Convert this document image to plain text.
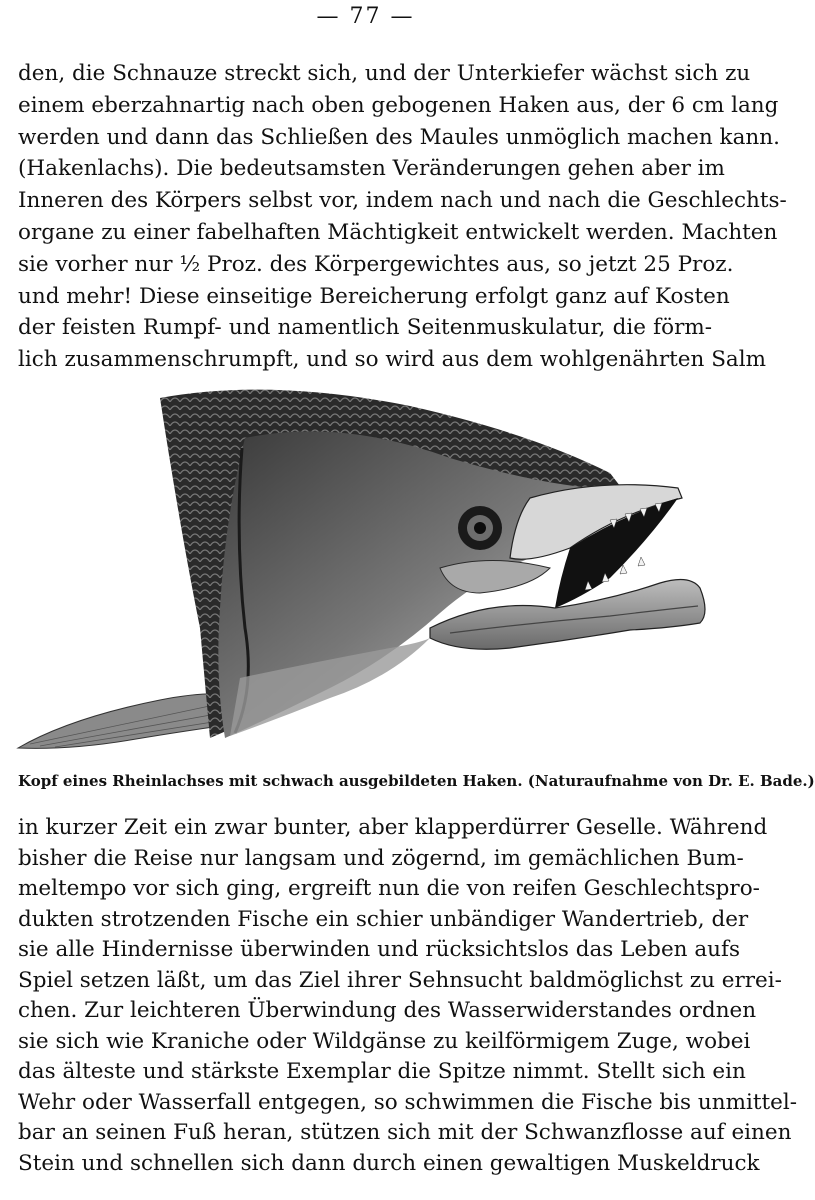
— 77 —
den, die Schnauze streckt sich, und der Unterkiefer wächst sich zu
einem eberzahnartig nach oben gebogenen Haken aus, der 6 cm lang
werden und dann das Schließen des Maules unmöglich machen kann.
(Hakenlachs). Die bedeutsamsten Veränderungen gehen aber im
Inneren des Körpers selbst vor, indem nach und nach die Geschlechts-
organe zu einer fabelhaften Mächtigkeit entwickelt werden. Machten
sie vorher nur ½ Proz. des Körpergewichtes aus, so jetzt 25 Proz.
und mehr! Diese einseitige Bereicherung erfolgt ganz auf Kosten
der feisten Rumpf- und namentlich Seitenmuskulatur, die förm-
lich zusammenschrumpft, und so wird aus dem wohlgenährten Salm
Kopf eines Rheinlachses mit schwach ausgebildeten Haken. (Naturaufnahme von Dr. E. Bade.)
in kurzer Zeit ein zwar bunter, aber klapperdürrer Geselle. Während
bisher die Reise nur langsam und zögernd, im gemächlichen Bum-
meltempo vor sich ging, ergreift nun die von reifen Geschlechtspro-
dukten strotzenden Fische ein schier unbändiger Wandertrieb, der
sie alle Hindernisse überwinden und rücksichtslos das Leben aufs
Spiel setzen läßt, um das Ziel ihrer Sehnsucht baldmöglichst zu errei-
chen. Zur leichteren Überwindung des Wasserwiderstandes ordnen
sie sich wie Kraniche oder Wildgänse zu keilförmigem Zuge, wobei
das älteste und stärkste Exemplar die Spitze nimmt. Stellt sich ein
Wehr oder Wasserfall entgegen, so schwimmen die Fische bis unmittel-
bar an seinen Fuß heran, stützen sich mit der Schwanzflosse auf einen
Stein und schnellen sich dann durch einen gewaltigen Muskeldruck
